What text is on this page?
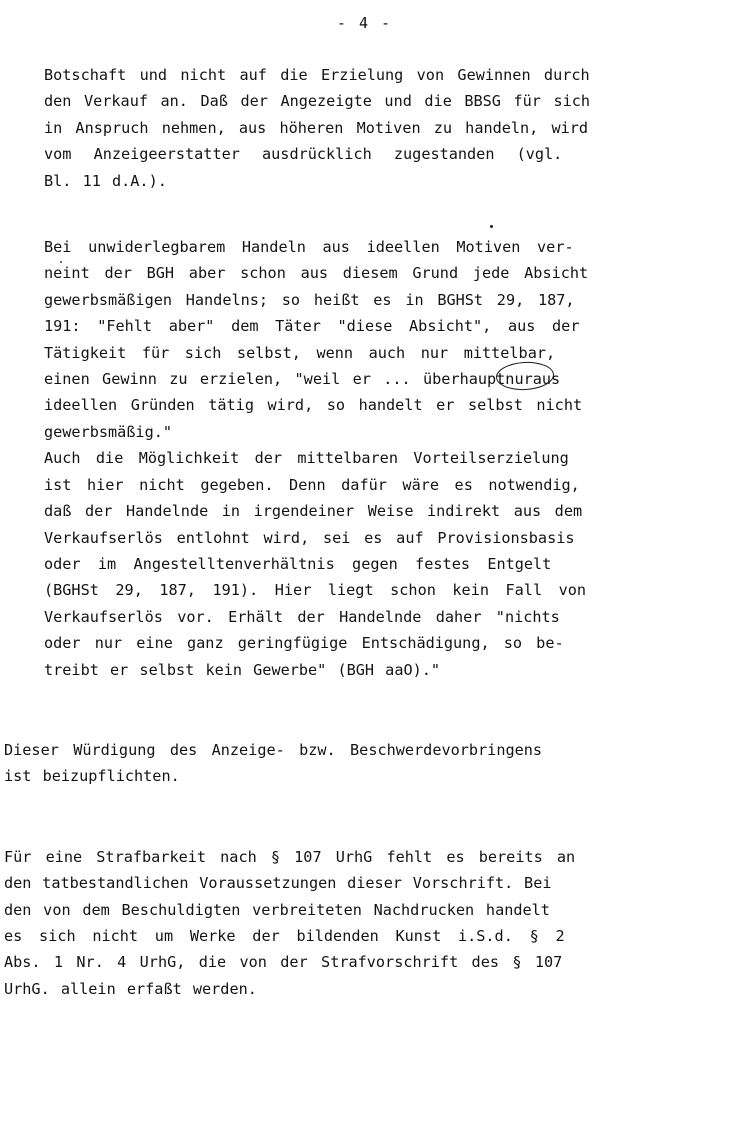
- 4 -
Botschaft und nicht auf die Erzielung von Gewinnen durch
den Verkauf an. Daß der Angezeigte und die BBSG für sich
in Anspruch nehmen, aus höheren Motiven zu handeln, wird
vom Anzeigeerstatter ausdrücklich zugestanden (vgl.
Bl. 11 d.A.).
Bei unwiderlegbarem Handeln aus ideellen Motiven ver-
neint der BGH aber schon aus diesem Grund jede Absicht
gewerbsmäßigen Handelns; so heißt es in BGHSt 29, 187,
191: "Fehlt aber" dem Täter "diese Absicht", aus der
Tätigkeit für sich selbst, wenn auch nur mittelbar,
einen Gewinn zu erzielen, "weil er ... überhaupt
nuraus
ideellen Gründen tätig wird, so handelt er selbst nicht
gewerbsmäßig."
Auch die Möglichkeit der mittelbaren Vorteilserzielung
ist hier nicht gegeben. Denn dafür wäre es notwendig,
daß der Handelnde in irgendeiner Weise indirekt aus dem
Verkaufserlös entlohnt wird, sei es auf Provisionsbasis
oder im Angestelltenverhältnis gegen festes Entgelt
(BGHSt 29, 187, 191). Hier liegt schon kein Fall von
Verkaufserlös vor. Erhält der Handelnde daher "nichts
oder nur eine ganz geringfügige Entschädigung, so be-
treibt er selbst kein Gewerbe" (BGH aaO)."
Dieser Würdigung des Anzeige- bzw. Beschwerdevorbringens
ist beizupflichten.
Für eine Strafbarkeit nach § 107 UrhG fehlt es bereits an
den tatbestandlichen Voraussetzungen dieser Vorschrift. Bei
den von dem Beschuldigten verbreiteten Nachdrucken handelt
es sich nicht um Werke der bildenden Kunst i.S.d. § 2
Abs. 1 Nr. 4 UrhG, die von der Strafvorschrift des § 107
UrhG. allein erfaßt werden.
